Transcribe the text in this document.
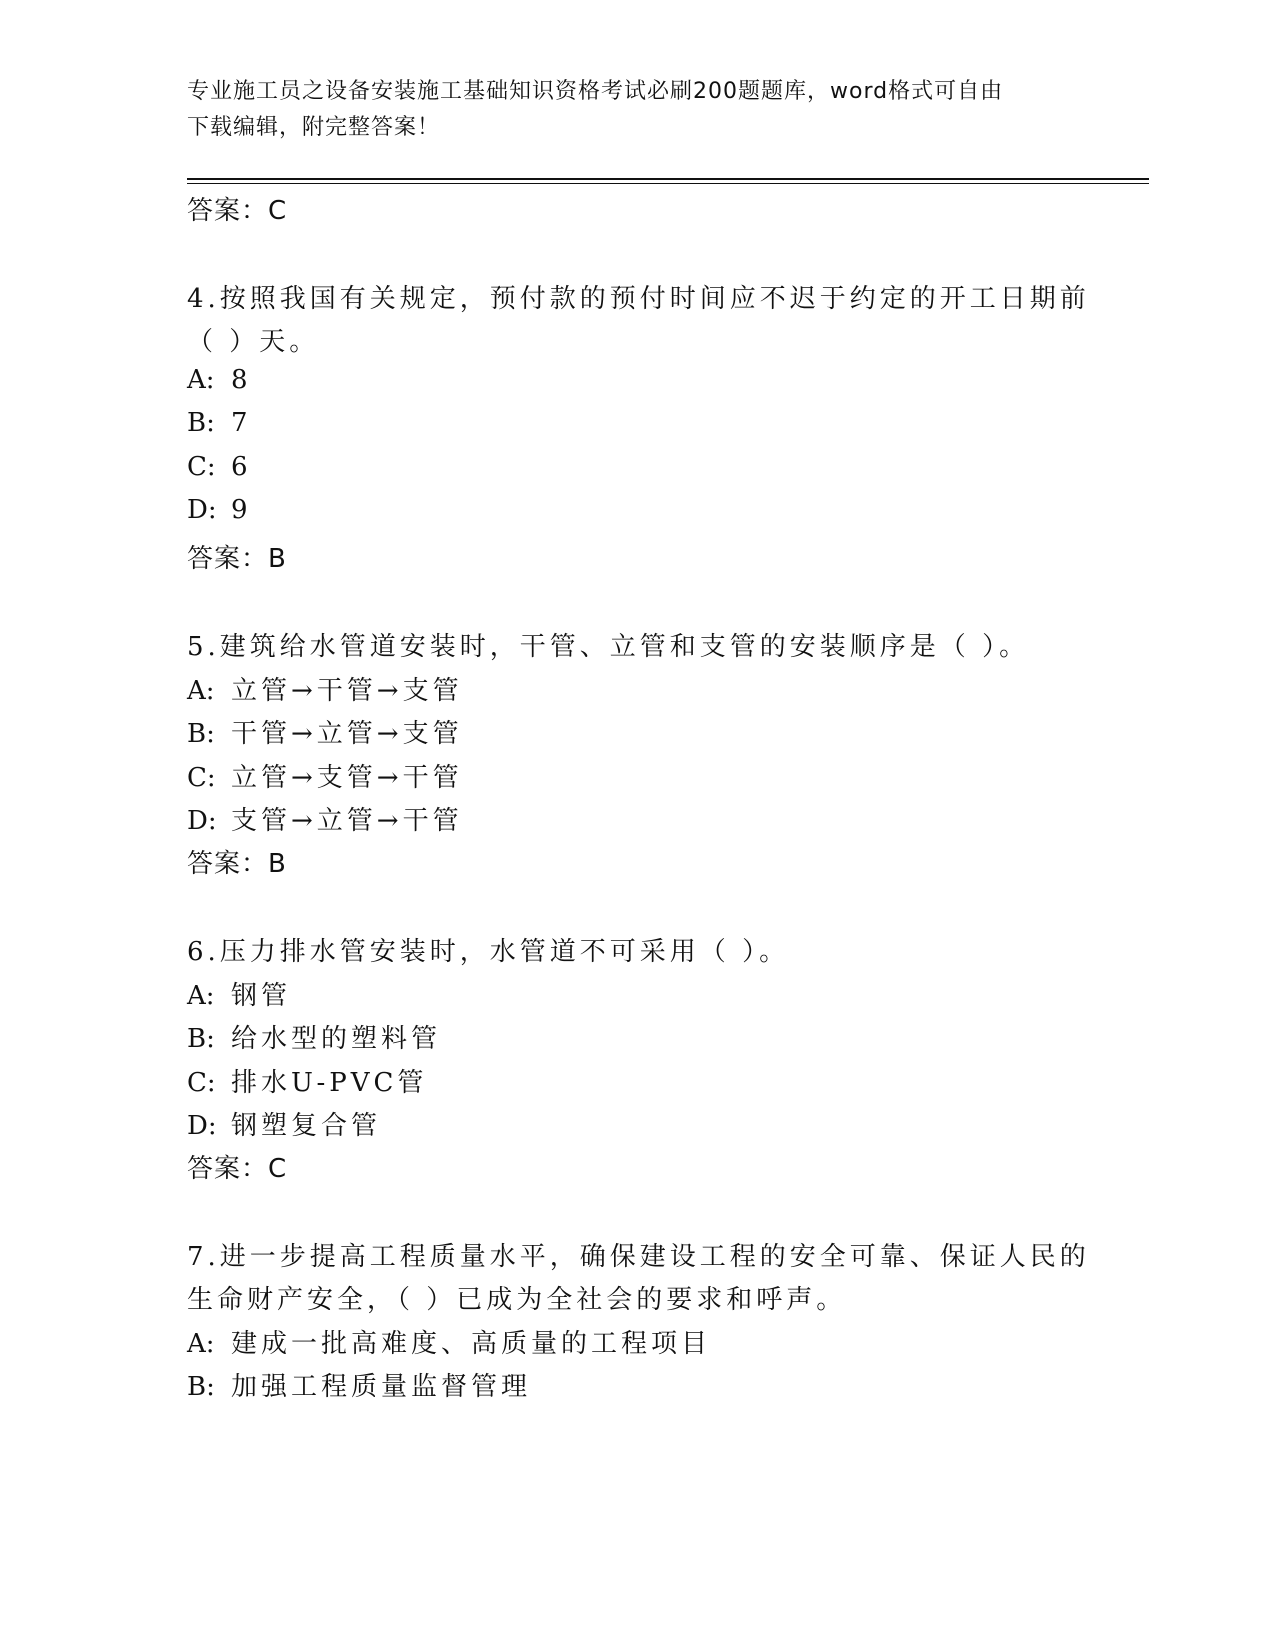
专业施工员之设备安装施工基础知识资格考试必刷200题题库，word格式可自由
下载编辑，附完整答案！
答案：C
4.按照我国有关规定，预付款的预付时间应不迟于约定的开工日期前
（ ）天。
A: 8
B: 7
C: 6
D: 9
答案：B
5.建筑给水管道安装时，干管、立管和支管的安装顺序是（ ）。
A: 立管→干管→支管
B: 干管→立管→支管
C: 立管→支管→干管
D: 支管→立管→干管
答案：B
6.压力排水管安装时，水管道不可采用（ ）。
A: 钢管
B: 给水型的塑料管
C: 排水U-PVC管
D: 钢塑复合管
答案：C
7.进一步提高工程质量水平，确保建设工程的安全可靠、保证人民的
生命财产安全，（ ）已成为全社会的要求和呼声。
A: 建成一批高难度、高质量的工程项目
B: 加强工程质量监督管理
